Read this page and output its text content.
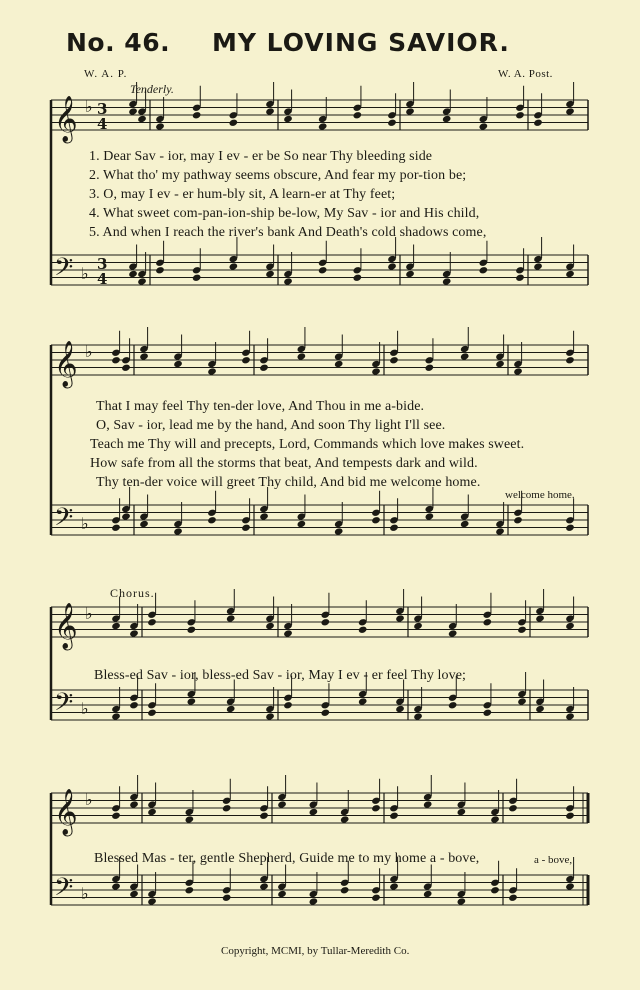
No. 46. MY LOVING SAVIOR.
W. A. P.	W. A. Post.
Tenderly.
𝄞
𝄢
♭
♭
3
4
3
4
𝄞
𝄢
♭
♭
𝄞
𝄢
♭
♭
𝄞
𝄢
♭
♭
1. Dear Sav - ior, may I ev - er be So near Thy bleeding side
2. What tho' my pathway seems obscure, And fear my por-tion be;
3. O, may I ev - er hum-bly sit, A learn-er at Thy feet;
4. What sweet com-pan-ion-ship be-low, My Sav - ior and His child,
5. And when I reach the river's bank And Death's cold shadows come,
That I may feel Thy ten-der love, And Thou in me a-bide.
O, Sav - ior, lead me by the hand, And soon Thy light I'll see.
Teach me Thy will and precepts, Lord, Commands which love makes sweet.
How safe from all the storms that beat, And tempests dark and wild.
Thy ten-der voice will greet Thy child, And bid me welcome home.
welcome home.
Chorus.
Bless-ed Sav - ior, bless-ed Sav - ior, May I ev - er feel Thy love;
Blessed Mas - ter, gentle Shepherd, Guide me to my home a - bove,	a - bove,
Copyright, MCMI, by Tullar-Meredith Co.
